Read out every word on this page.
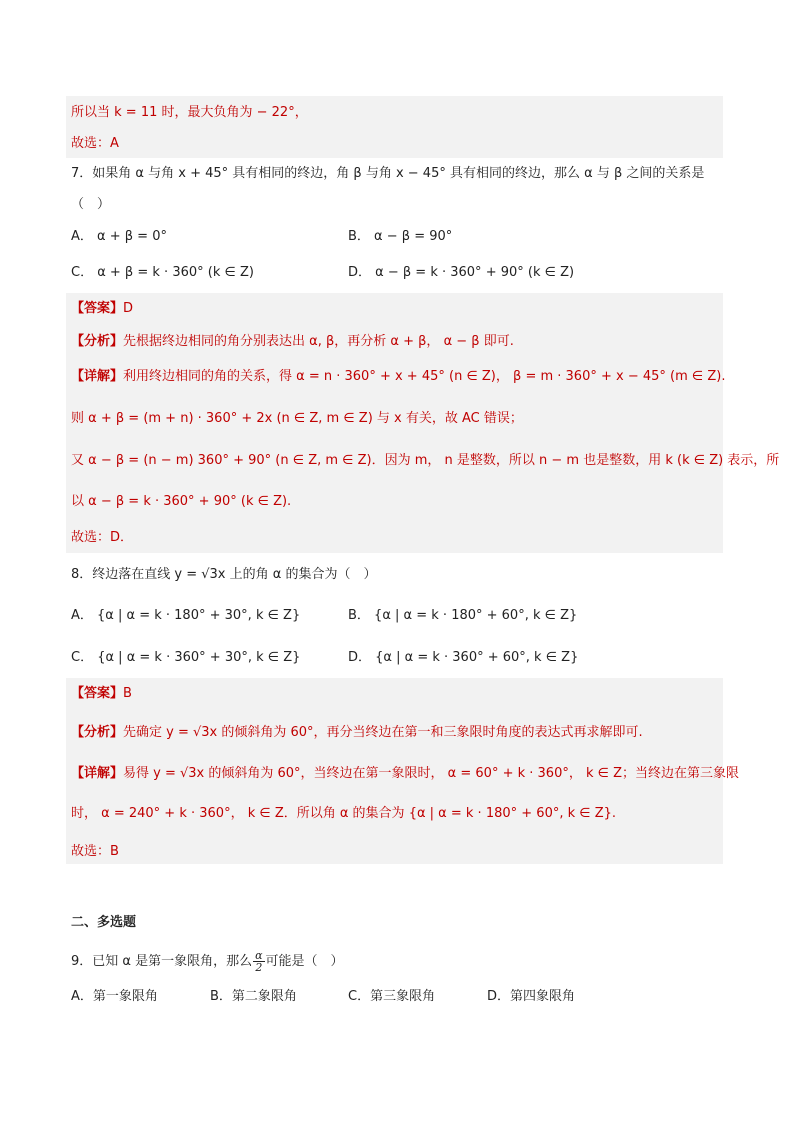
所以当 k = 11 时，最大负角为 − 22°，
故选：A
7．如果角 α 与角 x + 45° 具有相同的终边，角 β 与角 x − 45° 具有相同的终边，那么 α 与 β 之间的关系是
（　）
A． α + β = 0°	B． α − β = 90°
C． α + β = k · 360° (k ∈ Z)	D． α − β = k · 360° + 90° (k ∈ Z)
【答案】D
【分析】先根据终边相同的角分别表达出 α, β，再分析 α + β， α − β 即可.
【详解】利用终边相同的角的关系，得 α = n · 360° + x + 45° (n ∈ Z)， β = m · 360° + x − 45° (m ∈ Z).
则 α + β = (m + n) · 360° + 2x (n ∈ Z, m ∈ Z) 与 x 有关，故 AC 错误；
又 α − β = (n − m) 360° + 90° (n ∈ Z, m ∈ Z)．因为 m， n 是整数，所以 n − m 也是整数，用 k (k ∈ Z) 表示，所
以 α − β = k · 360° + 90° (k ∈ Z).
故选：D．
8．终边落在直线 y = √3x 上的角 α 的集合为（　）
A． {α | α = k · 180° + 30°, k ∈ Z}	B． {α | α = k · 180° + 60°, k ∈ Z}
C． {α | α = k · 360° + 30°, k ∈ Z}	D． {α | α = k · 360° + 60°, k ∈ Z}
【答案】B
【分析】先确定 y = √3x 的倾斜角为 60°，再分当终边在第一和三象限时角度的表达式再求解即可.
【详解】易得 y = √3x 的倾斜角为 60°，当终边在第一象限时， α = 60° + k · 360°， k ∈ Z；当终边在第三象限
时， α = 240° + k · 360°， k ∈ Z．所以角 α 的集合为 {α | α = k · 180° + 60°, k ∈ Z}.
故选：B
二、多选题
9．已知 α 是第一象限角，那么 $\frac{\alpha}{2}$ 可能是（　）
A．第一象限角	B．第二象限角	C．第三象限角	D．第四象限角
